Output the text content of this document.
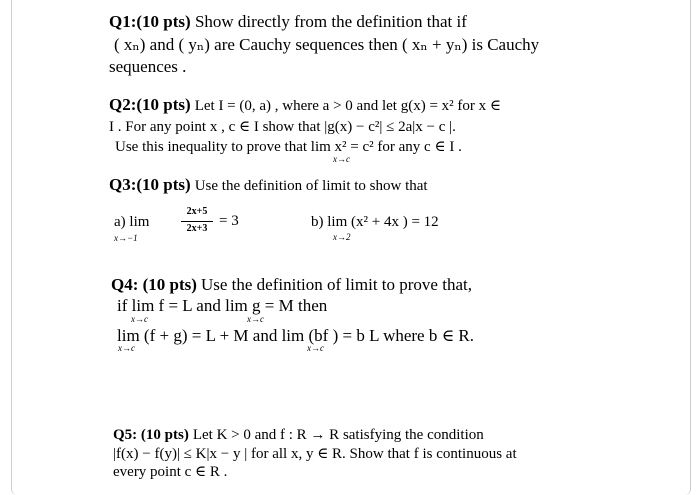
Q1:(10 pts) Show directly from the definition that if
( xₙ) and ( yₙ) are Cauchy sequences then ( xₙ + yₙ) is Cauchy
sequences .
Q2:(10 pts) Let I = (0, a) , where a > 0 and let g(x) = x² for x ∈
I . For any point x , c ∈ I show that |g(x) − c²| ≤ 2a|x − c |.
Use this inequality to prove that lim x² = c² for any c ∈ I .
x→c
Q3:(10 pts) Use the definition of limit to show that
a) lim
x→−1
2x+5
2x+3 = 3	b) lim (x² + 4x ) = 12
x→2
Q4: (10 pts) Use the definition of limit to prove that,
if lim f = L and lim g = M then
x→c	x→c
lim (f + g) = L + M and lim (bf ) = b L where b ∈ R.
x→c	x→c
Q5: (10 pts) Let K > 0 and f : R → R satisfying the condition
|f(x) − f(y)| ≤ K|x − y | for all x, y ∈ R. Show that f is continuous at
every point c ∈ R .
